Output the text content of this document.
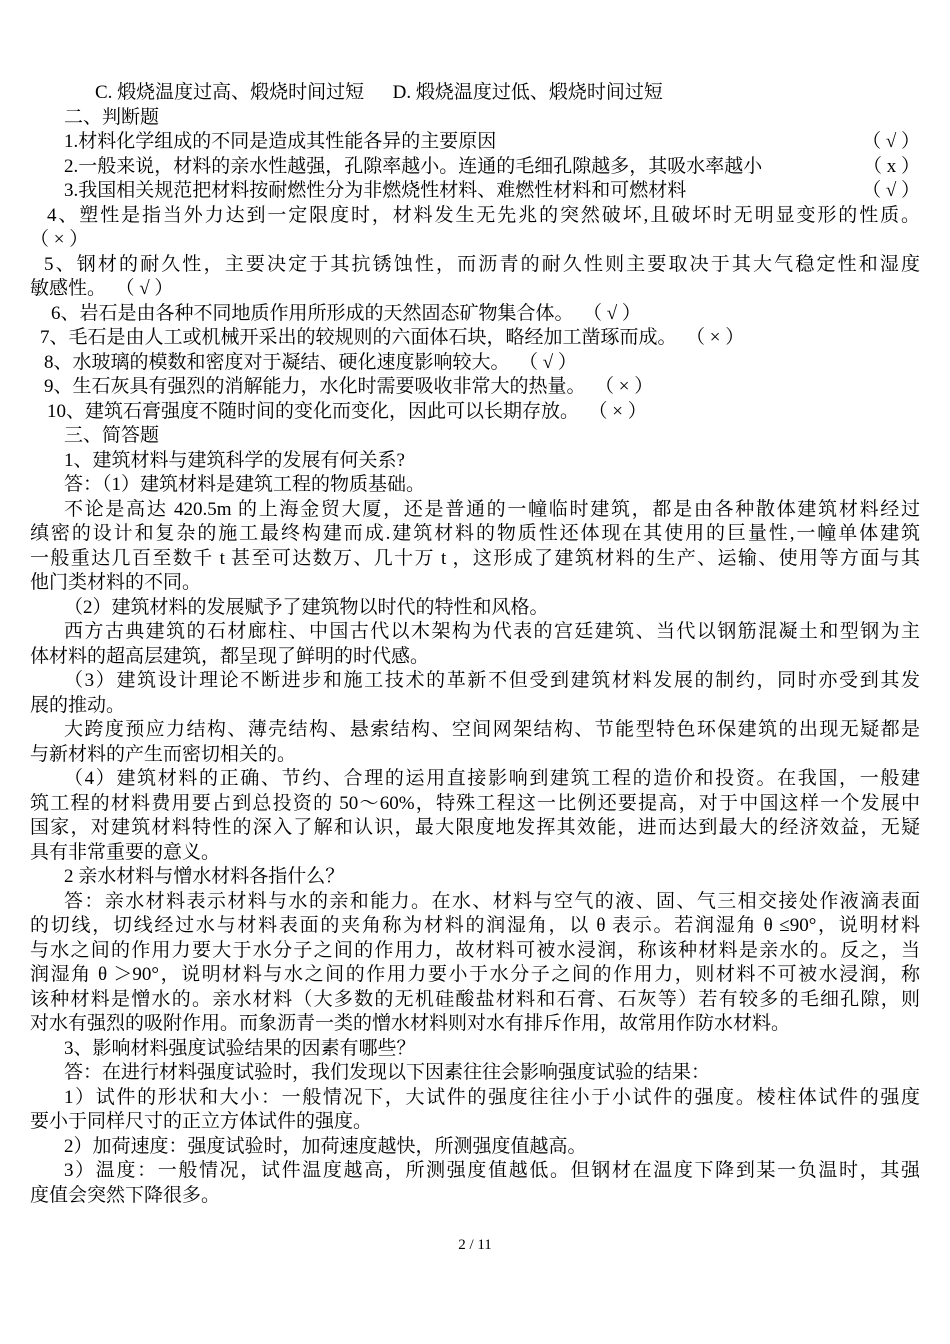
C. 煅烧温度过高、煅烧时间过短      D. 煅烧温度过低、煅烧时间过短
二、判断题
1.材料化学组成的不同是造成其性能各异的主要原因	（ √ ）
2.一般来说，材料的亲水性越强，孔隙率越小。连通的毛细孔隙越多，其吸水率越小	（ x ）
3.我国相关规范把材料按耐燃性分为非燃烧性材料、难燃性材料和可燃材料	（ √ ）
4、塑性是指当外力达到一定限度时，材料发生无先兆的突然破坏,且破坏时无明显变形的性质。
（ × ）
5、钢材的耐久性，主要决定于其抗锈蚀性，而沥青的耐久性则主要取决于其大气稳定性和湿度
敏感性。  （ √ ）
6、岩石是由各种不同地质作用所形成的天然固态矿物集合体。  （ √ ）
7、毛石是由人工或机械开采出的较规则的六面体石块，略经加工凿琢而成。  （ × ）
8、水玻璃的模数和密度对于凝结、硬化速度影响较大。  （ √ ）
9、生石灰具有强烈的消解能力，水化时需要吸收非常大的热量。  （ × ）
10、建筑石膏强度不随时间的变化而变化，因此可以长期存放。  （ × ）
三、简答题
1、建筑材料与建筑科学的发展有何关系?
答：（1）建筑材料是建筑工程的物质基础。
不论是高达 420.5m 的上海金贸大厦，还是普通的一幢临时建筑，都是由各种散体建筑材料经过
缜密的设计和复杂的施工最终构建而成.建筑材料的物质性还体现在其使用的巨量性,一幢单体建筑
一般重达几百至数千 t 甚至可达数万、几十万 t ，这形成了建筑材料的生产、运输、使用等方面与其
他门类材料的不同。
（2）建筑材料的发展赋予了建筑物以时代的特性和风格。
西方古典建筑的石材廊柱、中国古代以木架构为代表的宫廷建筑、当代以钢筋混凝土和型钢为主
体材料的超高层建筑，都呈现了鲜明的时代感。
（3）建筑设计理论不断进步和施工技术的革新不但受到建筑材料发展的制约，同时亦受到其发
展的推动。
大跨度预应力结构、薄壳结构、悬索结构、空间网架结构、节能型特色环保建筑的出现无疑都是
与新材料的产生而密切相关的。
（4）建筑材料的正确、节约、合理的运用直接影响到建筑工程的造价和投资。在我国，一般建
筑工程的材料费用要占到总投资的 50～60%，特殊工程这一比例还要提高，对于中国这样一个发展中
国家，对建筑材料特性的深入了解和认识，最大限度地发挥其效能，进而达到最大的经济效益，无疑
具有非常重要的意义。
2 亲水材料与憎水材料各指什么？
答：亲水材料表示材料与水的亲和能力。在水、材料与空气的液、固、气三相交接处作液滴表面
的切线，切线经过水与材料表面的夹角称为材料的润湿角，以 θ 表示。若润湿角 θ ≤90°，说明材料
与水之间的作用力要大于水分子之间的作用力，故材料可被水浸润，称该种材料是亲水的。反之，当
润湿角 θ ＞90°，说明材料与水之间的作用力要小于水分子之间的作用力，则材料不可被水浸润，称
该种材料是憎水的。亲水材料（大多数的无机硅酸盐材料和石膏、石灰等）若有较多的毛细孔隙，则
对水有强烈的吸附作用。而象沥青一类的憎水材料则对水有排斥作用，故常用作防水材料。
3、影响材料强度试验结果的因素有哪些？
答：在进行材料强度试验时，我们发现以下因素往往会影响强度试验的结果：
1）试件的形状和大小：一般情况下，大试件的强度往往小于小试件的强度。棱柱体试件的强度
要小于同样尺寸的正立方体试件的强度。
2）加荷速度：强度试验时，加荷速度越快，所测强度值越高。
3）温度：一般情况，试件温度越高，所测强度值越低。但钢材在温度下降到某一负温时，其强
度值会突然下降很多。
2 / 11
